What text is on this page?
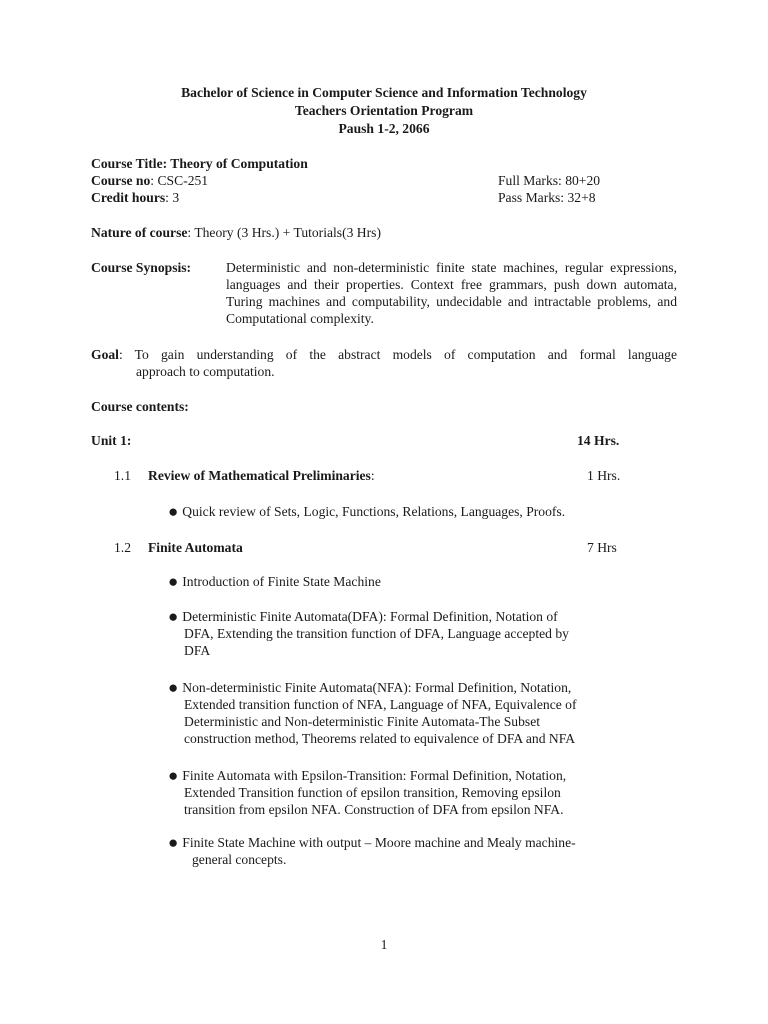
Bachelor of Science in Computer Science and Information Technology
Teachers Orientation Program
Paush 1-2, 2066
Course Title: Theory of Computation
Course no: CSC-251
Credit hours: 3
Full Marks: 80+20
Pass Marks: 32+8
Nature of course: Theory (3 Hrs.) + Tutorials(3 Hrs)
Course Synopsis:	Deterministic and non-deterministic finite state machines, regular expressions, languages and their properties. Context free grammars, push down automata, Turing machines and computability, undecidable and intractable problems, and Computational complexity.
Goal: To gain understanding of the abstract models of computation and formal language
approach to computation.
Course contents:
Unit 1:	14 Hrs.
1.1 Review of Mathematical Preliminaries:	1 Hrs.
● Quick review of Sets, Logic, Functions, Relations, Languages, Proofs.
1.2 Finite Automata	7 Hrs
● Introduction of Finite State Machine
● Deterministic Finite Automata(DFA): Formal Definition, Notation of
DFA, Extending the transition function of DFA, Language accepted by
DFA
● Non-deterministic Finite Automata(NFA): Formal Definition, Notation,
Extended transition function of NFA, Language of NFA, Equivalence of
Deterministic and Non-deterministic Finite Automata-The Subset
construction method, Theorems related to equivalence of DFA and NFA
● Finite Automata with Epsilon-Transition: Formal Definition, Notation,
Extended Transition function of epsilon transition, Removing epsilon
transition from epsilon NFA. Construction of DFA from epsilon NFA.
● Finite State Machine with output – Moore machine and Mealy machine-
general concepts.
1
